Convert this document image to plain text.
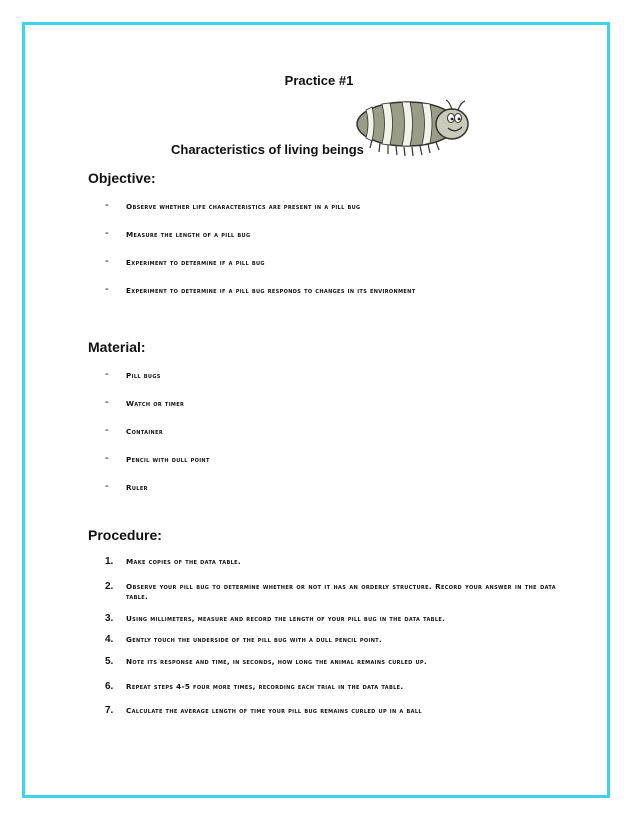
Practice #1
Characteristics of living beings
Objective:
- Observe whether life characteristics are present in a pill bug
- Measure the length of a pill bug
- Experiment to determine if a pill bug
- Experiment to determine if a pill bug responds to changes in its environment
Material:
- Pill bugs
- Watch or timer
- Container
- Pencil with dull point
- Ruler
Procedure:
1. Make copies of the data table.
2. Observe your pill bug to determine whether or not it has an orderly structure. Record your answer in the data table.
3. Using millimeters, measure and record the length of your pill bug in the data table.
4. Gently touch the underside of the pill bug with a dull pencil point.
5. Note its response and time, in seconds, how long the animal remains curled up.
6. Repeat steps 4-5 four more times, recording each trial in the data table.
7. Calculate the average length of time your pill bug remains curled up in a ball
